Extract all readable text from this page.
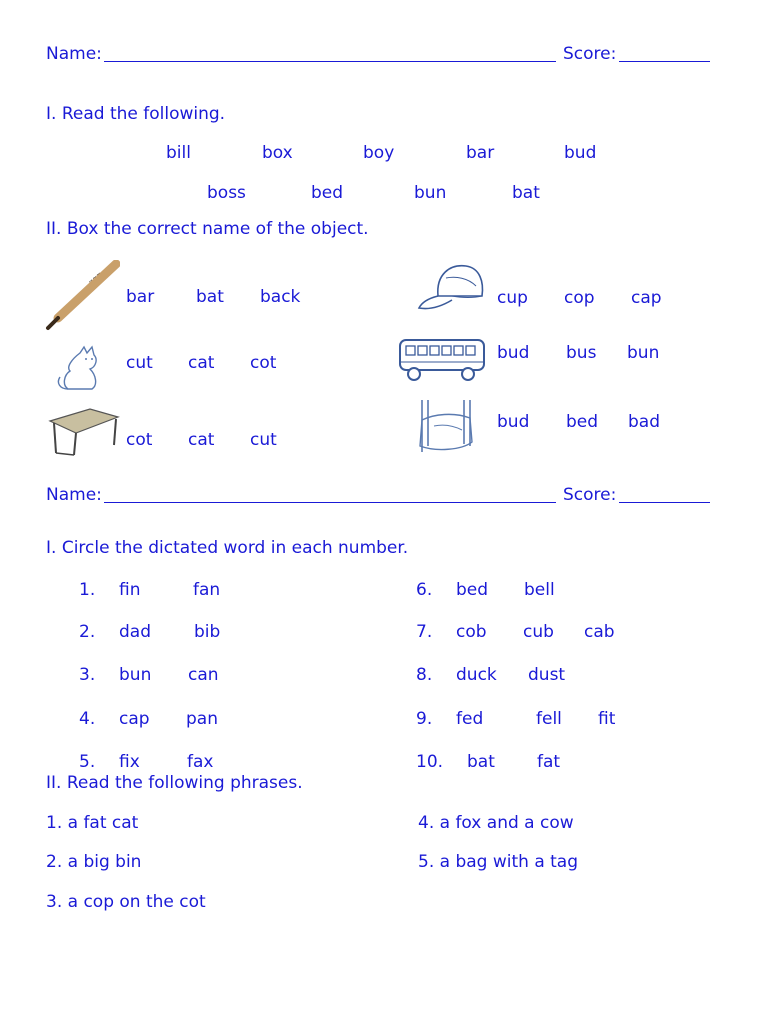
Name:	Score:
I. Read the following.
bill	box	boy	bar	bud
boss	bed	bun	bat
II. Box the correct name of the object.
~~~
bar bat back	cup cop cap
cut cat cot	bud bus bun
cot cat cut
bud bed bad
Name:	Score:
I. Circle the dictated word in each number.
1. fin	fan
2. dad	bib
3. bun can
4. cap pan
5. fix	fax
6. bed bell
7. cob cub cab
8. duck dust
9. fed	fell fit
10. bat fat
II. Read the following phrases.
1. a fat cat
2. a big bin
3. a cop on the cot
4. a fox and a cow
5. a bag with a tag
